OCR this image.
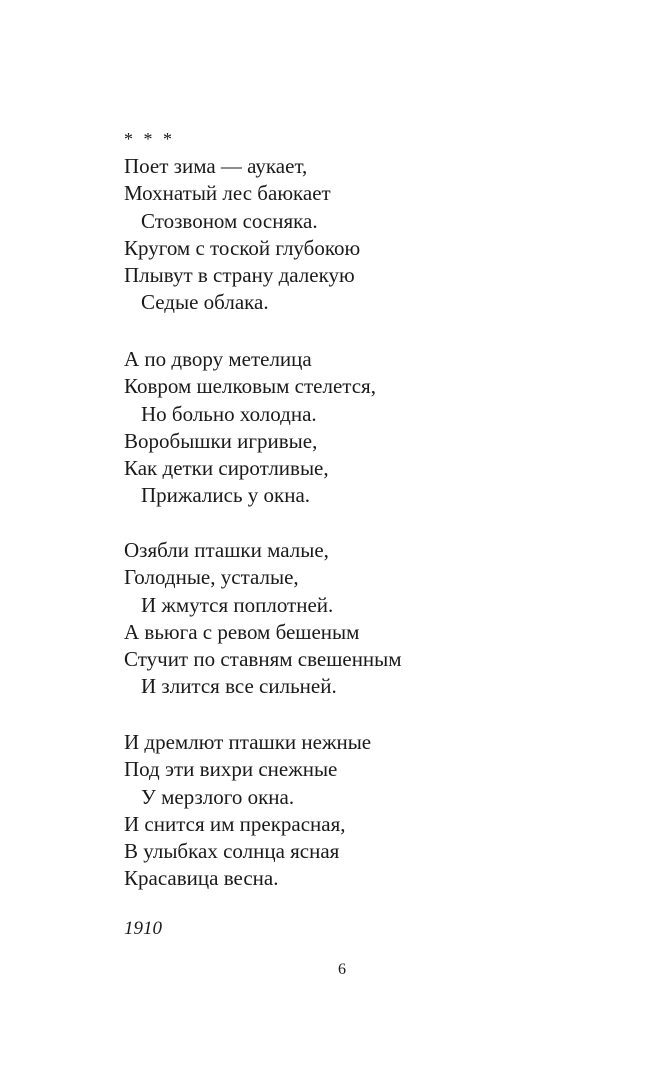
* * *
Поет зима — аукает,
Мохнатый лес баюкает
Стозвоном сосняка.
Кругом с тоской глубокою
Плывут в страну далекую
Седые облака.
А по двору метелица
Ковром шелковым стелется,
Но больно холодна.
Воробышки игривые,
Как детки сиротливые,
Прижались у окна.
Озябли пташки малые,
Голодные, усталые,
И жмутся поплотней.
А вьюга с ревом бешеным
Стучит по ставням свешенным
И злится все сильней.
И дремлют пташки нежные
Под эти вихри снежные
У мерзлого окна.
И снится им прекрасная,
В улыбках солнца ясная
Красавица весна.
1910
6
